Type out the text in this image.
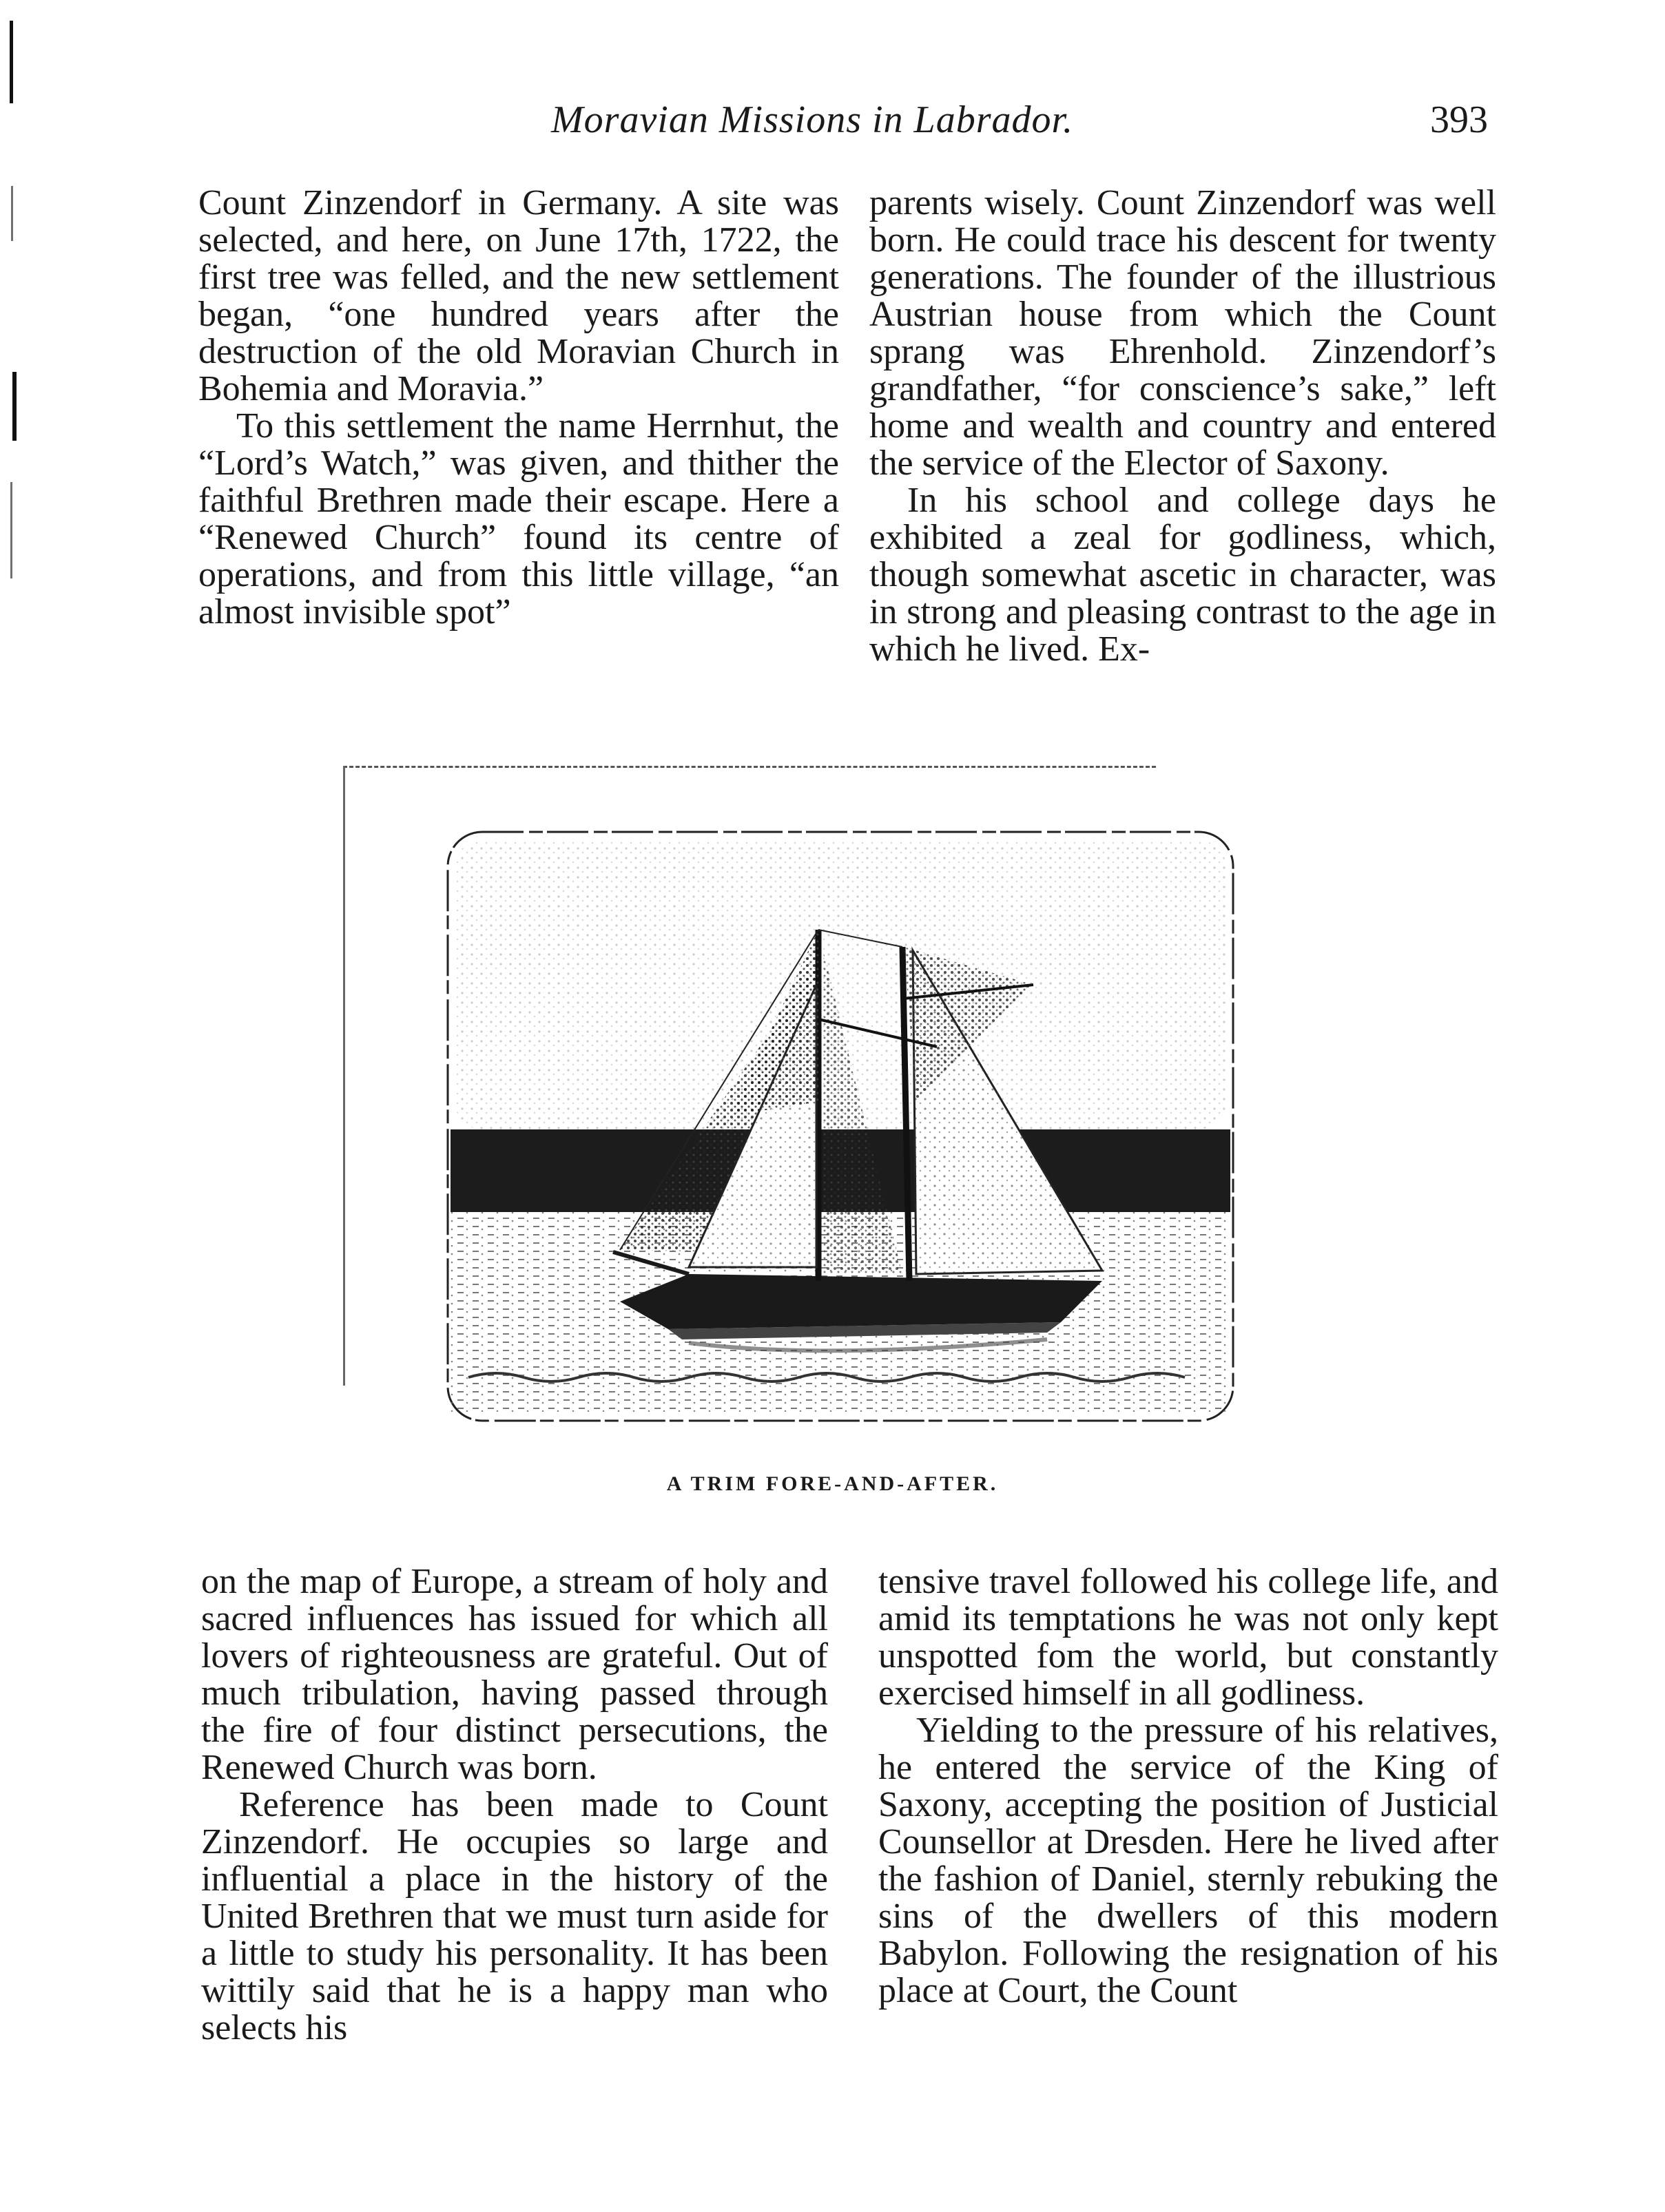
Moravian Missions in Labrador.	393

Count Zinzendorf in Germany. A site was selected, and here, on June 17th, 1722, the first tree was felled, and the new settlement began, “one hundred years after the destruction of the old Moravian Church in Bohemia and Moravia.”

To this settlement the name Herrnhut, the “Lord’s Watch,” was given, and thither the faithful Brethren made their escape. Here a “Renewed Church” found its centre of operations, and from this little village, “an almost invisible spot”

parents wisely. Count Zinzendorf was well born. He could trace his descent for twenty generations. The founder of the illustrious Austrian house from which the Count sprang was Ehrenhold. Zinzendorf’s grandfather, “for conscience’s sake,” left home and wealth and country and entered the service of the Elector of Saxony.

In his school and college days he exhibited a zeal for godliness, which, though somewhat ascetic in character, was in strong and pleasing contrast to the age in which he lived. Ex-

A TRIM FORE-AND-AFTER.

on the map of Europe, a stream of holy and sacred influences has issued for which all lovers of righteousness are grateful. Out of much tribulation, having passed through the fire of four distinct persecutions, the Renewed Church was born.

Reference has been made to Count Zinzendorf. He occupies so large and influential a place in the history of the United Brethren that we must turn aside for a little to study his personality. It has been wittily said that he is a happy man who selects his

tensive travel followed his college life, and amid its temptations he was not only kept unspotted fom the world, but constantly exercised himself in all godliness.

Yielding to the pressure of his relatives, he entered the service of the King of Saxony, accepting the position of Justicial Counsellor at Dresden. Here he lived after the fashion of Daniel, sternly rebuking the sins of the dwellers of this modern Babylon. Following the resignation of his place at Court, the Count
